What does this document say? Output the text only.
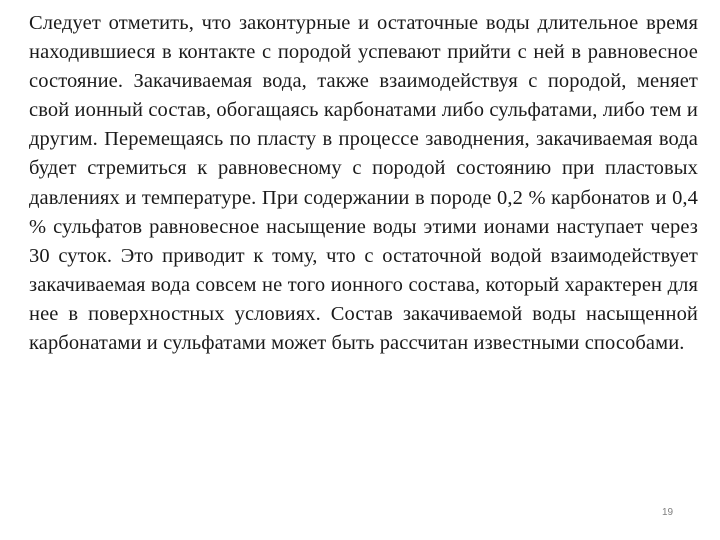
Следует отметить, что законтурные и остаточные воды длительное время находившиеся в контакте с породой успевают прийти с ней в равновесное состояние. Закачиваемая вода, также взаимодействуя с породой, меняет свой ионный состав, обогащаясь карбонатами либо сульфатами, либо тем и другим. Перемещаясь по пласту в процессе заводнения, закачиваемая вода будет стремиться к равновесному с породой состоянию при пластовых давлениях и температуре. При содержании в породе 0,2 % карбонатов и 0,4 % сульфатов равновесное насыщение воды этими ионами наступает через 30 суток. Это приводит к тому, что с остаточной водой взаимодействует закачиваемая вода совсем не того ионного состава, который характерен для нее в поверхностных условиях. Состав закачиваемой воды насыщенной карбонатами и сульфатами может быть рассчитан известными способами.

19
